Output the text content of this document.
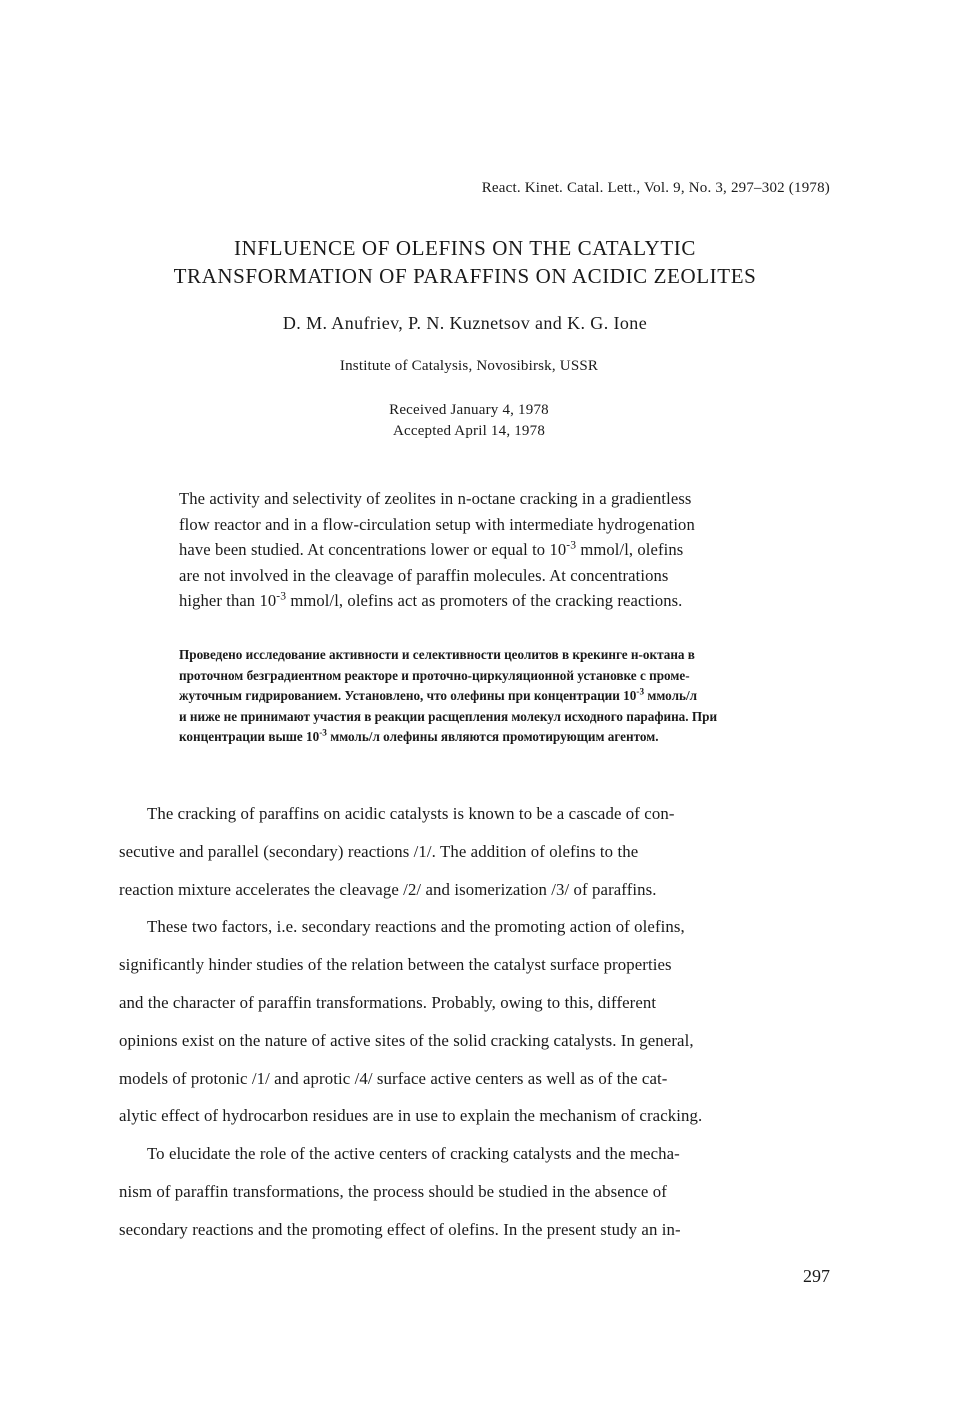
React. Kinet. Catal. Lett., Vol. 9, No. 3, 297–302 (1978)
INFLUENCE OF OLEFINS ON THE CATALYTIC
TRANSFORMATION OF PARAFFINS ON ACIDIC ZEOLITES
D. M. Anufriev, P. N. Kuznetsov and K. G. Ione
Institute of Catalysis, Novosibirsk, USSR
Received January 4, 1978
Accepted April 14, 1978
The activity and selectivity of zeolites in n-octane cracking in a gradientless
flow reactor and in a flow-circulation setup with intermediate hydrogenation
have been studied. At concentrations lower or equal to $10^{-3}$ mmol/l, olefins
are not involved in the cleavage of paraffin molecules. At concentrations
higher than $10^{-3}$ mmol/l, olefins act as promoters of the cracking reactions.
Проведено исследование активности и селективности цеолитов в крекинге н-октана в
проточном безградиентном реакторе и проточно-циркуляционной установке с проме-
жуточным гидрированием. Установлено, что олефины при концентрации $10^{-3}$ ммоль/л
и ниже не принимают участия в реакции расщепления молекул исходного парафина. При
концентрации выше $10^{-3}$ ммоль/л олефины являются промотирующим агентом.
The cracking of paraffins on acidic catalysts is known to be a cascade of con-
secutive and parallel (secondary) reactions /1/. The addition of olefins to the
reaction mixture accelerates the cleavage /2/ and isomerization /3/ of paraffins.
These two factors, i.e. secondary reactions and the promoting action of olefins,
significantly hinder studies of the relation between the catalyst surface properties
and the character of paraffin transformations. Probably, owing to this, different
opinions exist on the nature of active sites of the solid cracking catalysts. In general,
models of protonic /1/ and aprotic /4/ surface active centers as well as of the cat-
alytic effect of hydrocarbon residues are in use to explain the mechanism of cracking.
To elucidate the role of the active centers of cracking catalysts and the mecha-
nism of paraffin transformations, the process should be studied in the absence of
secondary reactions and the promoting effect of olefins. In the present study an in-
297
